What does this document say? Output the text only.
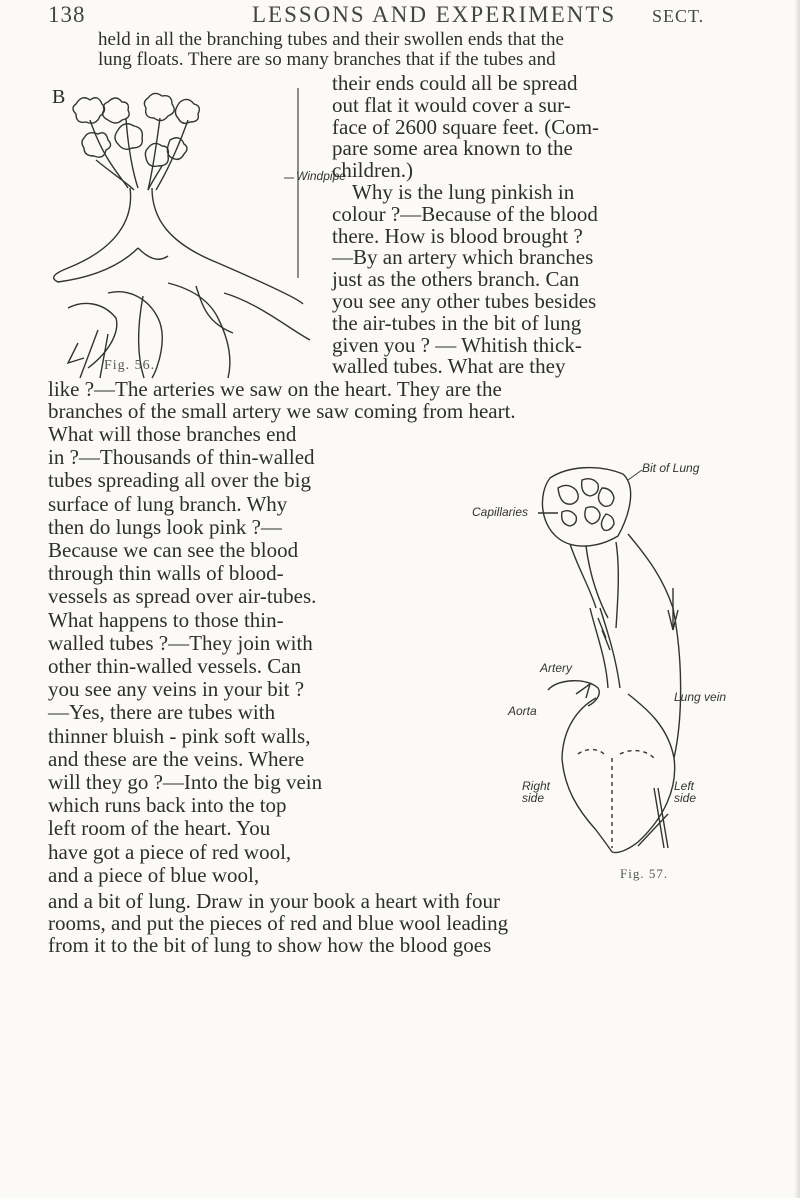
138	LESSONS AND EXPERIMENTS SECT.
held in all the branching tubes and their swollen ends that the
lung floats. There are so many branches that if the tubes and
their ends could all be spread
out flat it would cover a sur-
face of 2600 square feet. (Com-
pare some area known to the
children.)
Why is the lung pinkish in
colour ?—Because of the blood
there. How is blood brought ?
—By an artery which branches
just as the others branch. Can
you see any other tubes besides
the air-tubes in the bit of lung
given you ? — Whitish thick-
walled tubes. What are they
B
Windpipe
Fig. 56.
like ?—The arteries we saw on the heart. They are the
branches of the small artery we saw coming from heart.
What will those branches end
in ?—Thousands of thin-walled
tubes spreading all over the big
surface of lung branch. Why
then do lungs look pink ?—
Because we can see the blood
through thin walls of blood-
vessels as spread over air-tubes.
What happens to those thin-
walled tubes ?—They join with
other thin-walled vessels. Can
you see any veins in your bit ?
—Yes, there are tubes with
thinner bluish - pink soft walls,
and these are the veins. Where
will they go ?—Into the big vein
which runs back into the top
left room of the heart. You
have got a piece of red wool,
and a piece of blue wool,
Bit of Lung
Capillaries
Artery
Lung vein
Aorta
Right
side
Left
side
Fig. 57.
and a bit of lung. Draw in your book a heart with four
rooms, and put the pieces of red and blue wool leading
from it to the bit of lung to show how the blood goes
